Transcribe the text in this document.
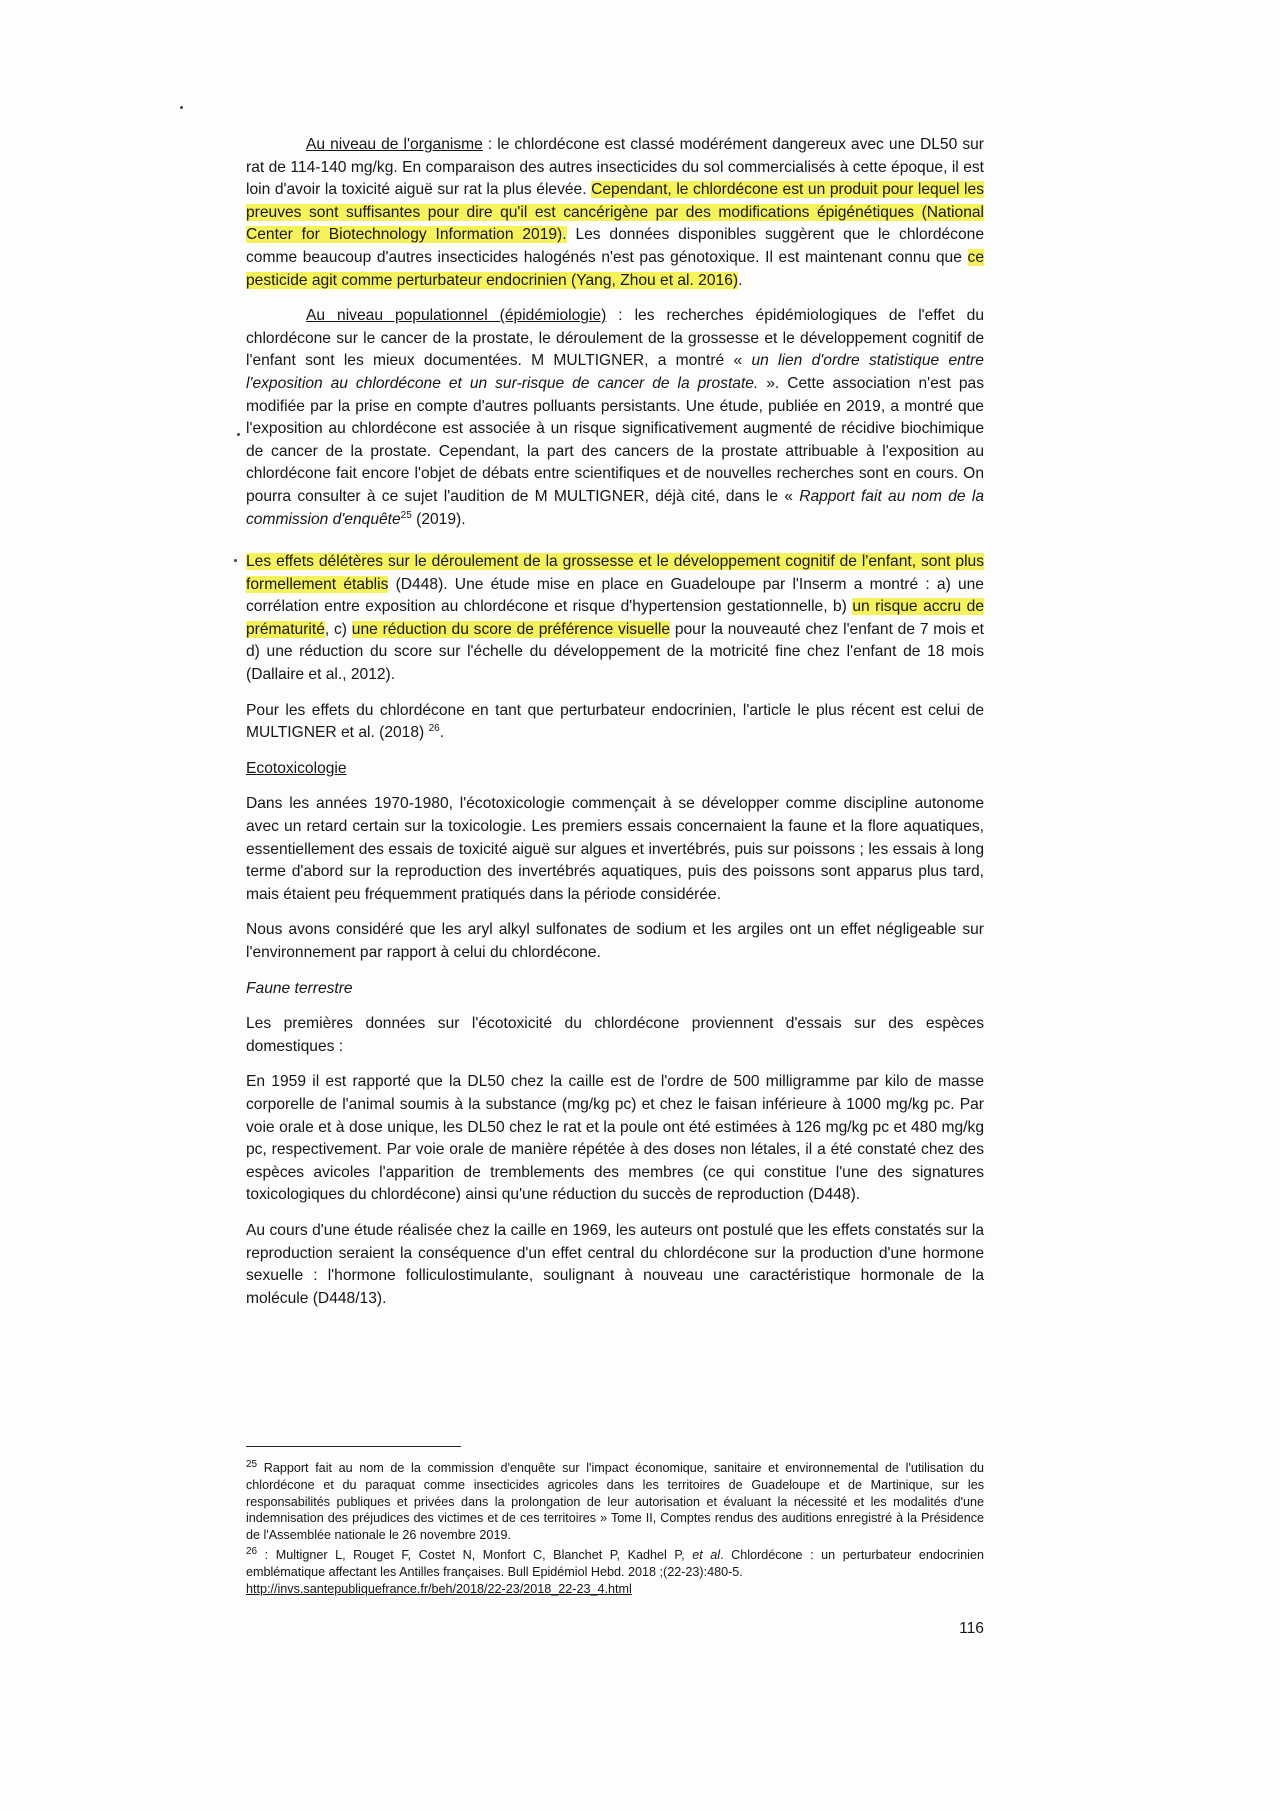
Au niveau de l'organisme : le chlordécone est classé modérément dangereux avec une DL50 sur rat de 114-140 mg/kg. En comparaison des autres insecticides du sol commercialisés à cette époque, il est loin d'avoir la toxicité aiguë sur rat la plus élevée. Cependant, le chlordécone est un produit pour lequel les preuves sont suffisantes pour dire qu'il est cancérigène par des modifications épigénétiques (National Center for Biotechnology Information 2019). Les données disponibles suggèrent que le chlordécone comme beaucoup d'autres insecticides halogénés n'est pas génotoxique. Il est maintenant connu que ce pesticide agit comme perturbateur endocrinien (Yang, Zhou et al. 2016).

Au niveau populationnel (épidémiologie) : les recherches épidémiologiques de l'effet du chlordécone sur le cancer de la prostate, le déroulement de la grossesse et le développement cognitif de l'enfant sont les mieux documentées. M MULTIGNER, a montré « un lien d'ordre statistique entre l'exposition au chlordécone et un sur-risque de cancer de la prostate. ». Cette association n'est pas modifiée par la prise en compte d'autres polluants persistants. Une étude, publiée en 2019, a montré que l'exposition au chlordécone est associée à un risque significativement augmenté de récidive biochimique de cancer de la prostate. Cependant, la part des cancers de la prostate attribuable à l'exposition au chlordécone fait encore l'objet de débats entre scientifiques et de nouvelles recherches sont en cours. On pourra consulter à ce sujet l'audition de M MULTIGNER, déjà cité, dans le « Rapport fait au nom de la commission d'enquête$^{25}$ (2019).

Les effets délétères sur le déroulement de la grossesse et le développement cognitif de l'enfant, sont plus formellement établis (D448). Une étude mise en place en Guadeloupe par l'Inserm a montré : a) une corrélation entre exposition au chlordécone et risque d'hypertension gestationnelle, b) un risque accru de prématurité, c) une réduction du score de préférence visuelle pour la nouveauté chez l'enfant de 7 mois et d) une réduction du score sur l'échelle du développement de la motricité fine chez l'enfant de 18 mois (Dallaire et al., 2012).

Pour les effets du chlordécone en tant que perturbateur endocrinien, l'article le plus récent est celui de MULTIGNER et al. (2018) $^{26}$.

Ecotoxicologie

Dans les années 1970-1980, l'écotoxicologie commençait à se développer comme discipline autonome avec un retard certain sur la toxicologie. Les premiers essais concernaient la faune et la flore aquatiques, essentiellement des essais de toxicité aiguë sur algues et invertébrés, puis sur poissons ; les essais à long terme d'abord sur la reproduction des invertébrés aquatiques, puis des poissons sont apparus plus tard, mais étaient peu fréquemment pratiqués dans la période considérée.

Nous avons considéré que les aryl alkyl sulfonates de sodium et les argiles ont un effet négligeable sur l'environnement par rapport à celui du chlordécone.

Faune terrestre

Les premières données sur l'écotoxicité du chlordécone proviennent d'essais sur des espèces domestiques :

En 1959 il est rapporté que la DL50 chez la caille est de l'ordre de 500 milligramme par kilo de masse corporelle de l'animal soumis à la substance (mg/kg pc) et chez le faisan inférieure à 1000 mg/kg pc. Par voie orale et à dose unique, les DL50 chez le rat et la poule ont été estimées à 126 mg/kg pc et 480 mg/kg pc, respectivement. Par voie orale de manière répétée à des doses non létales, il a été constaté chez des espèces avicoles l'apparition de tremblements des membres (ce qui constitue l'une des signatures toxicologiques du chlordécone) ainsi qu'une réduction du succès de reproduction (D448).

Au cours d'une étude réalisée chez la caille en 1969, les auteurs ont postulé que les effets constatés sur la reproduction seraient la conséquence d'un effet central du chlordécone sur la production d'une hormone sexuelle : l'hormone folliculostimulante, soulignant à nouveau une caractéristique hormonale de la molécule (D448/13).

$^{25}$ Rapport fait au nom de la commission d'enquête sur l'impact économique, sanitaire et environnemental de l'utilisation du chlordécone et du paraquat comme insecticides agricoles dans les territoires de Guadeloupe et de Martinique, sur les responsabilités publiques et privées dans la prolongation de leur autorisation et évaluant la nécessité et les modalités d'une indemnisation des préjudices des victimes et de ces territoires » Tome II, Comptes rendus des auditions enregistré à la Présidence de l'Assemblée nationale le 26 novembre 2019.

$^{26}$ : Multigner L, Rouget F, Costet N, Monfort C, Blanchet P, Kadhel P, et al. Chlordécone : un perturbateur endocrinien emblématique affectant les Antilles françaises. Bull Epidémiol Hebd. 2018 ;(22-23):480-5.
http://invs.santepubliquefrance.fr/beh/2018/22-23/2018_22-23_4.html

116
